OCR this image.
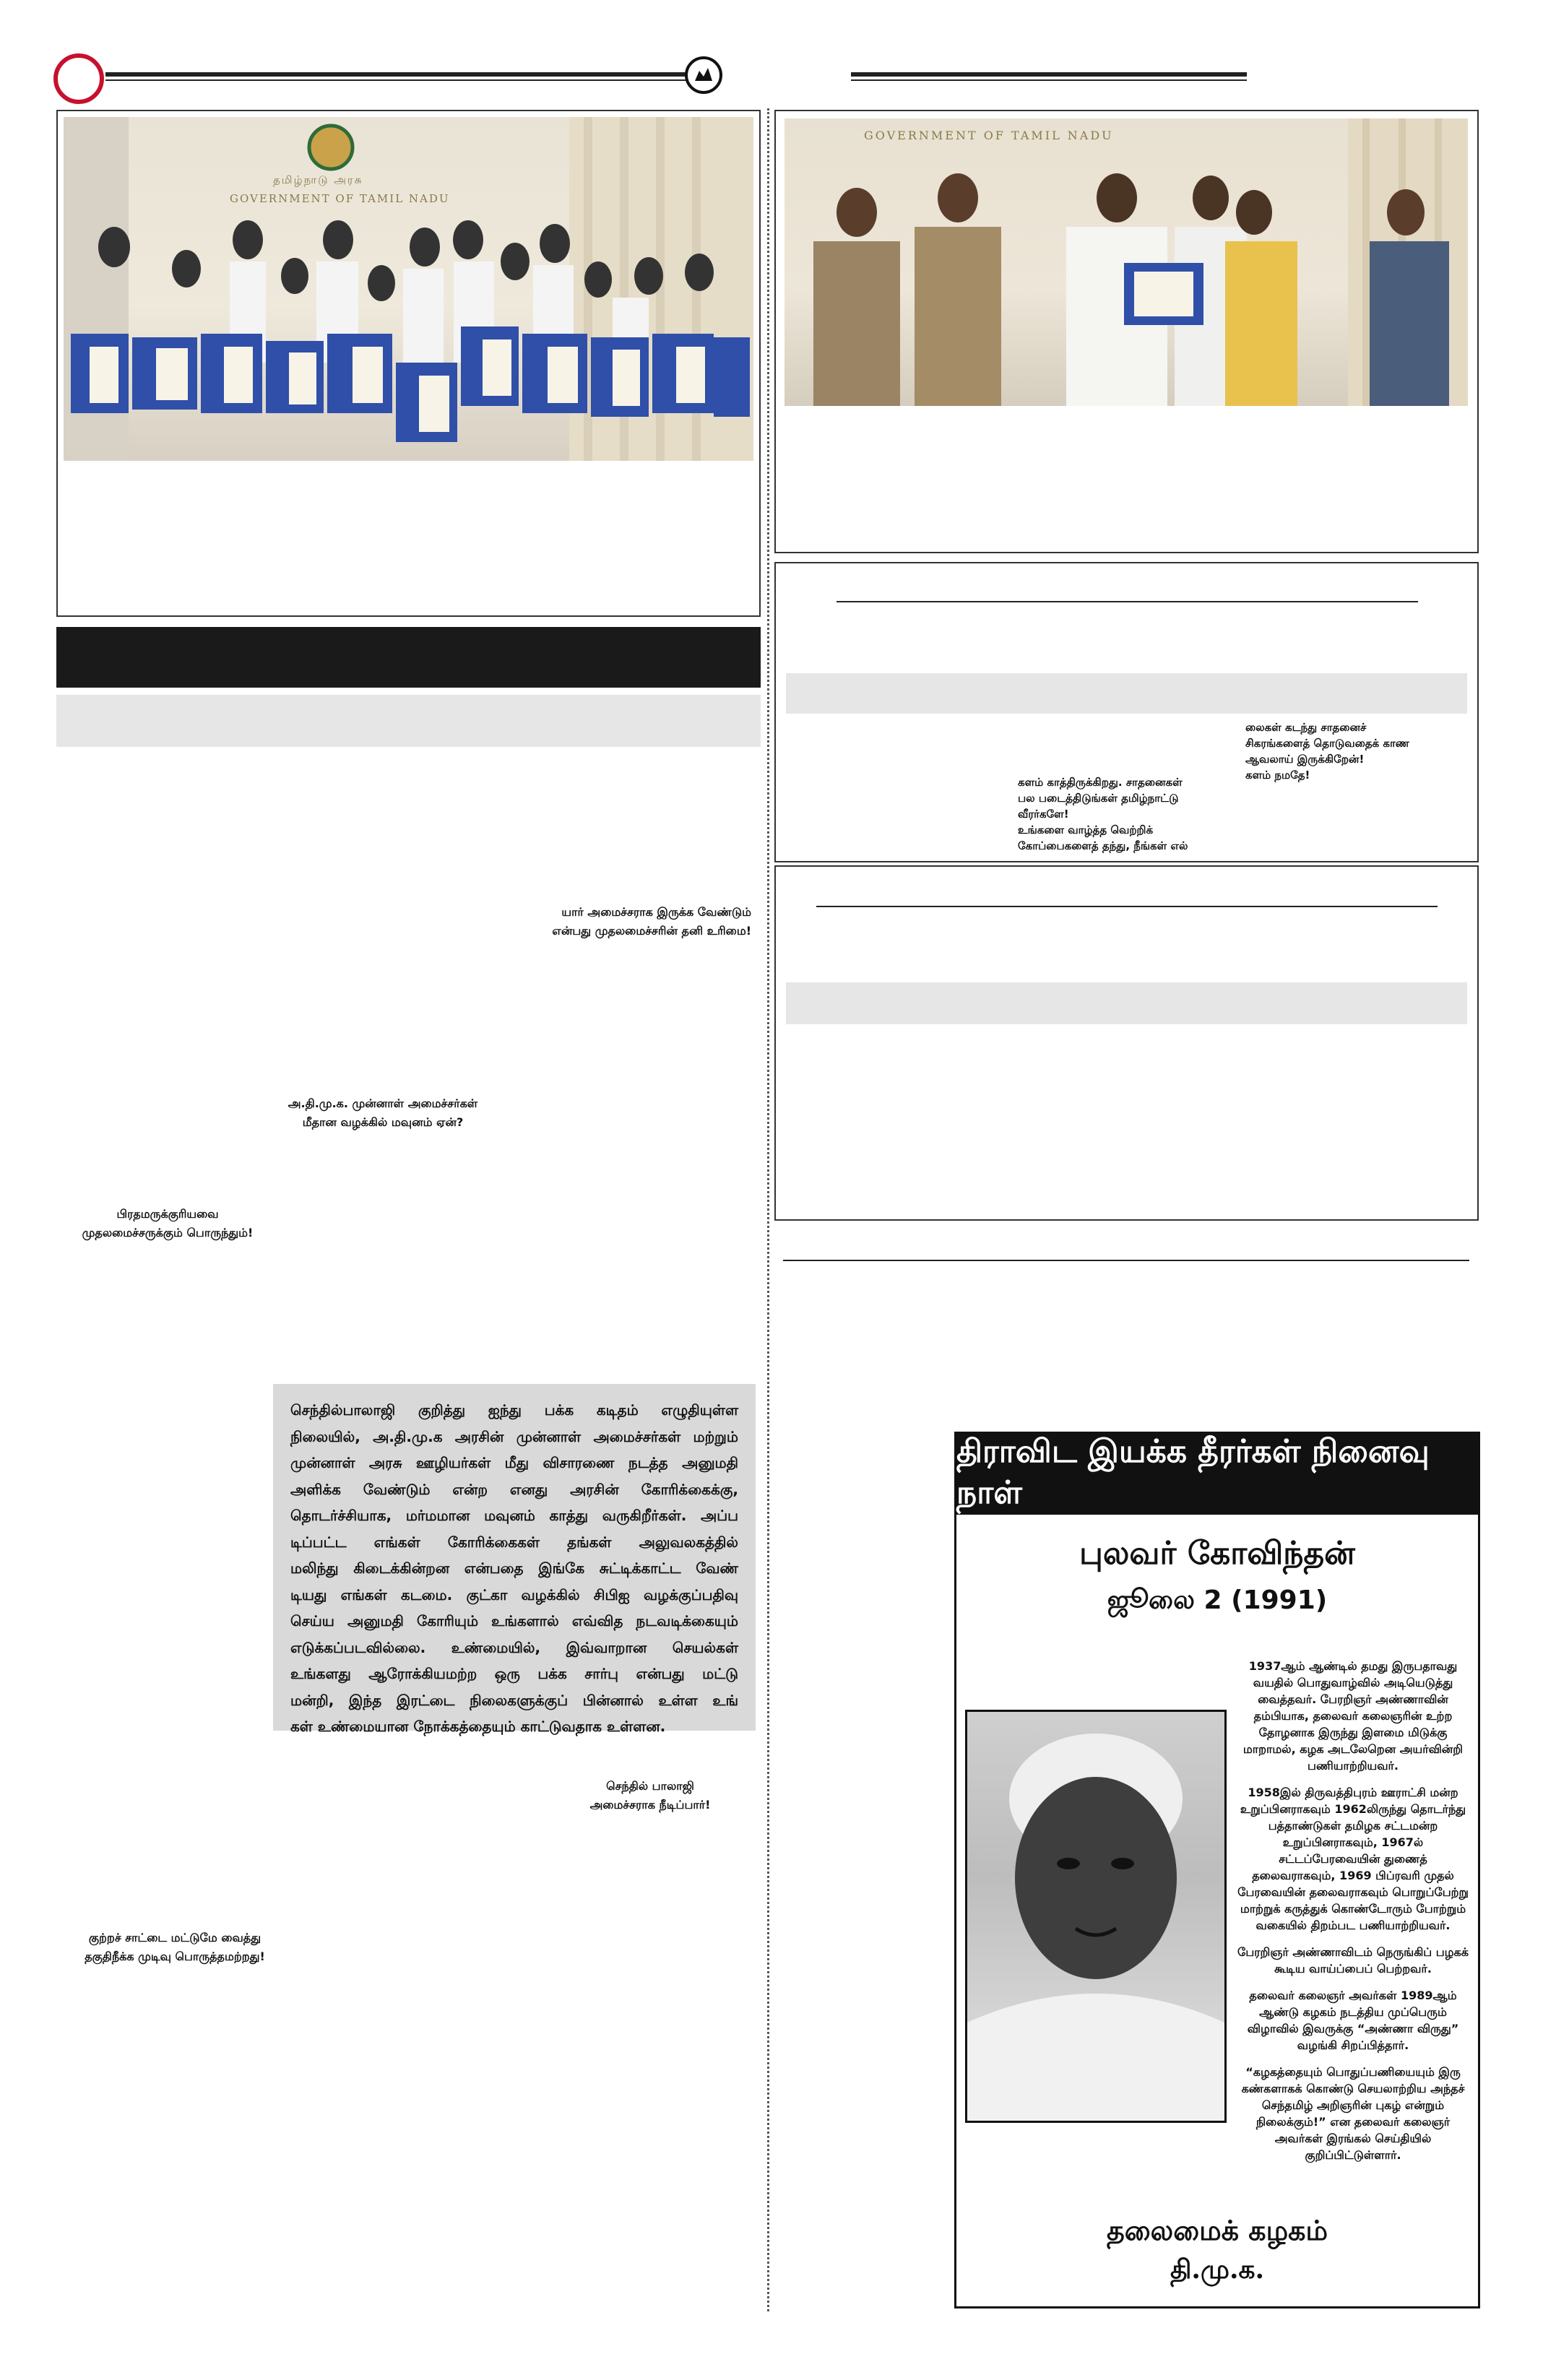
தமிழ்நாடு அரசு
GOVERNMENT OF TAMIL NADU
யார் அமைச்சராக இருக்க வேண்டும்
என்பது முதலமைச்சரின் தனி உரிமை!
அ.தி.மு.க. முன்னாள் அமைச்சர்கள்
மீதான வழக்கில் மவுனம் ஏன்?
பிரதமருக்குரியவை
முதலமைச்சருக்கும் பொருந்தும்!
செந்தில்பாலாஜி குறித்து ஐந்து பக்க கடிதம் எழுதியுள்ள
நிலையில், அ.தி.மு.க அரசின் முன்னாள் அமைச்சர்கள் மற்றும்
முன்னாள் அரசு ஊழியர்கள் மீது விசாரணை நடத்த அனுமதி
அளிக்க வேண்டும் என்ற எனது அரசின் கோரிக்கைக்கு,
தொடர்ச்சியாக, மர்மமான மவுனம் காத்து வருகிறீர்கள். அப்ப
டிப்பட்ட எங்கள் கோரிக்கைகள் தங்கள் அலுவலகத்தில்
மலிந்து கிடைக்கின்றன என்பதை இங்கே சுட்டிக்காட்ட வேண்
டியது எங்கள் கடமை. குட்கா வழக்கில் சிபிஐ வழக்குப்பதிவு
செய்ய அனுமதி கோரியும் உங்களால் எவ்வித நடவடிக்கையும்
எடுக்கப்படவில்லை. உண்மையில், இவ்வாறான செயல்கள்
உங்களது ஆரோக்கியமற்ற ஒரு பக்க சார்பு என்பது மட்டு
மன்றி, இந்த இரட்டை நிலைகளுக்குப் பின்னால் உள்ள உங்
கள் உண்மையான நோக்கத்தையும் காட்டுவதாக உள்ளன.
செந்தில் பாலாஜி
அமைச்சராக நீடிப்பார்!
குற்றச் சாட்டை மட்டுமே வைத்து
தகுதிநீக்க முடிவு பொருத்தமற்றது!
GOVERNMENT OF TAMIL NADU
களம் காத்திருக்கிறது. சாதனைகள்
பல படைத்திடுங்கள் தமிழ்நாட்டு
வீரர்களே!
உங்களை வாழ்த்த வெற்றிக்
கோப்பைகளைத் தந்து, நீங்கள் எல்
லைகள் கடந்து சாதனைச்
சிகரங்களைத் தொடுவதைக் காண
ஆவலாய் இருக்கிறேன்!
களம் நமதே!
திராவிட இயக்க தீரர்கள் நினைவு நாள்
புலவர் கோவிந்தன்
ஜூலை 2 (1991)

1937ஆம் ஆண்டில் தமது இருபதாவது வயதில் பொதுவாழ்வில் அடியெடுத்து வைத்தவர். பேரறிஞர் அண்ணாவின் தம்பியாக, தலைவர் கலைஞரின் உற்ற தோழனாக இருந்து இளமை மிடுக்கு மாறாமல், கழக அடலேறென அயர்வின்றி பணியாற்றியவர்.

1958இல் திருவத்திபுரம் ஊராட்சி மன்ற உறுப்பினராகவும் 1962லிருந்து தொடர்ந்து பத்தாண்டுகள் தமிழக சட்டமன்ற உறுப்பினராகவும், 1967ல் சட்டப்பேரவையின் துணைத் தலைவராகவும், 1969 பிப்ரவரி முதல் பேரவையின் தலைவராகவும் பொறுப்பேற்று மாற்றுக் கருத்துக் கொண்டோரும் போற்றும் வகையில் திறம்பட பணியாற்றியவர்.

பேரறிஞர் அண்ணாவிடம் நெருங்கிப் பழகக் கூடிய வாய்ப்பைப் பெற்றவர்.

தலைவர் கலைஞர் அவர்கள் 1989ஆம் ஆண்டு கழகம் நடத்திய முப்பெரும் விழாவில் இவருக்கு “அண்ணா விருது” வழங்கி சிறப்பித்தார்.

“கழகத்தையும் பொதுப்பணியையும் இரு கண்களாகக் கொண்டு செயலாற்றிய அந்தச் செந்தமிழ் அறிஞரின் புகழ் என்றும் நிலைக்கும்!” என தலைவர் கலைஞர் அவர்கள் இரங்கல் செய்தியில் குறிப்பிட்டுள்ளார்.

தலைமைக் கழகம்
தி.மு.க.
